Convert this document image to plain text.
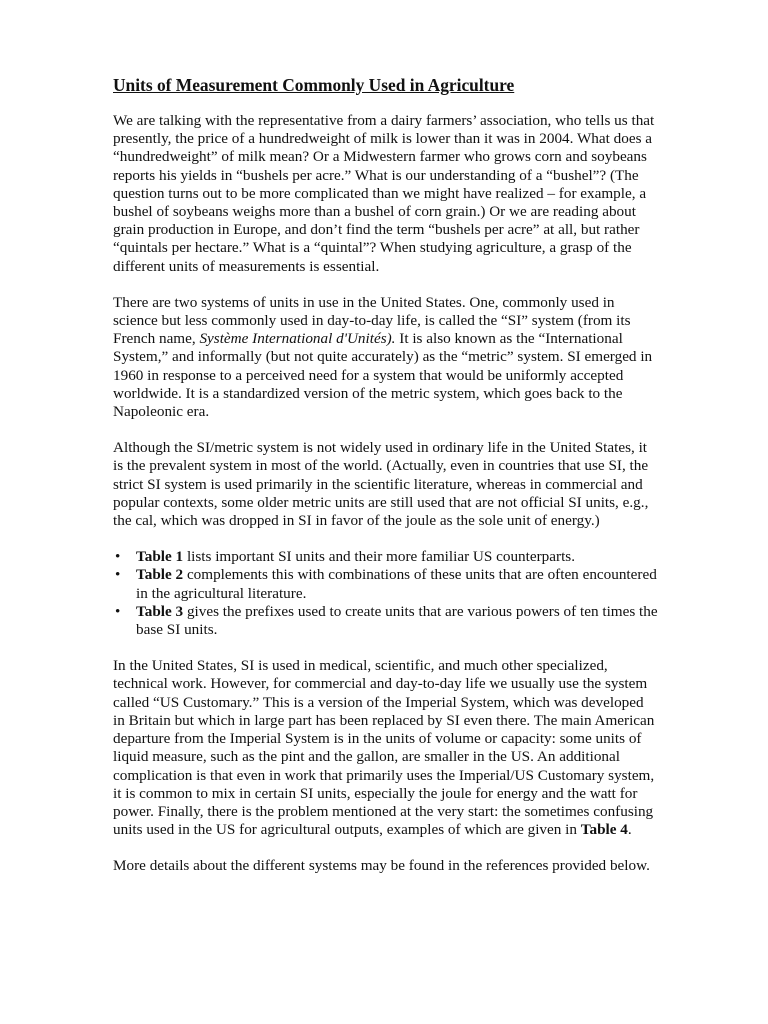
Units of Measurement Commonly Used in Agriculture

We are talking with the representative from a dairy farmers’ association, who tells us that presently, the price of a hundredweight of milk is lower than it was in 2004. What does a “hundredweight” of milk mean? Or a Midwestern farmer who grows corn and soybeans reports his yields in “bushels per acre.” What is our understanding of a “bushel”? (The question turns out to be more complicated than we might have realized – for example, a bushel of soybeans weighs more than a bushel of corn grain.) Or we are reading about grain production in Europe, and don’t find the term “bushels per acre” at all, but rather “quintals per hectare.” What is a “quintal”? When studying agriculture, a grasp of the different units of measurements is essential.

There are two systems of units in use in the United States. One, commonly used in science but less commonly used in day-to-day life, is called the “SI” system (from its French name, Système International d'Unités). It is also known as the “International System,” and informally (but not quite accurately) as the “metric” system. SI emerged in 1960 in response to a perceived need for a system that would be uniformly accepted worldwide. It is a standardized version of the metric system, which goes back to the Napoleonic era.

Although the SI/metric system is not widely used in ordinary life in the United States, it is the prevalent system in most of the world. (Actually, even in countries that use SI, the strict SI system is used primarily in the scientific literature, whereas in commercial and popular contexts, some older metric units are still used that are not official SI units, e.g., the cal, which was dropped in SI in favor of the joule as the sole unit of energy.)

• Table 1 lists important SI units and their more familiar US counterparts.
• Table 2 complements this with combinations of these units that are often encountered in the agricultural literature.
• Table 3 gives the prefixes used to create units that are various powers of ten times the base SI units.

In the United States, SI is used in medical, scientific, and much other specialized, technical work. However, for commercial and day-to-day life we usually use the system called “US Customary.” This is a version of the Imperial System, which was developed in Britain but which in large part has been replaced by SI even there. The main American departure from the Imperial System is in the units of volume or capacity: some units of liquid measure, such as the pint and the gallon, are smaller in the US. An additional complication is that even in work that primarily uses the Imperial/US Customary system, it is common to mix in certain SI units, especially the joule for energy and the watt for power. Finally, there is the problem mentioned at the very start: the sometimes confusing units used in the US for agricultural outputs, examples of which are given in Table 4.

More details about the different systems may be found in the references provided below.
